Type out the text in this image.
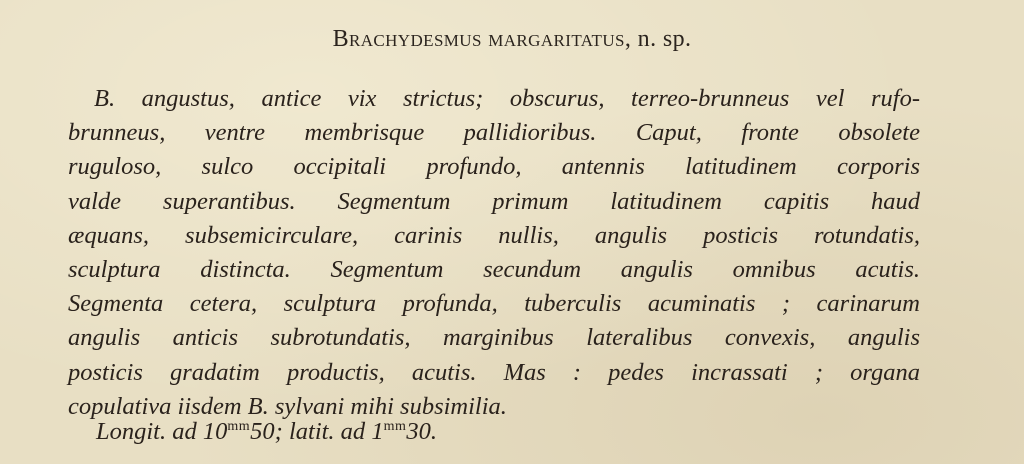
Brachydesmus margaritatus, n. sp.
B. angustus, antice vix strictus; obscurus, terreo-brunneus vel rufo-
brunneus, ventre membrisque pallidioribus. Caput, fronte obsolete
ruguloso, sulco occipitali profundo, antennis latitudinem corporis
valde superantibus. Segmentum primum latitudinem capitis haud
æquans, subsemicirculare, carinis nullis, angulis posticis rotundatis,
sculptura distincta. Segmentum secundum angulis omnibus acutis.
Segmenta cetera, sculptura profunda, tuberculis acuminatis ; carinarum
angulis anticis subrotundatis, marginibus lateralibus convexis, angulis
posticis gradatim productis, acutis. Mas : pedes incrassati ; organa
copulativa iisdem B. sylvani mihi subsimilia.
Longit. ad $10^{mm}50$; latit. ad $1^{mm}30$.
